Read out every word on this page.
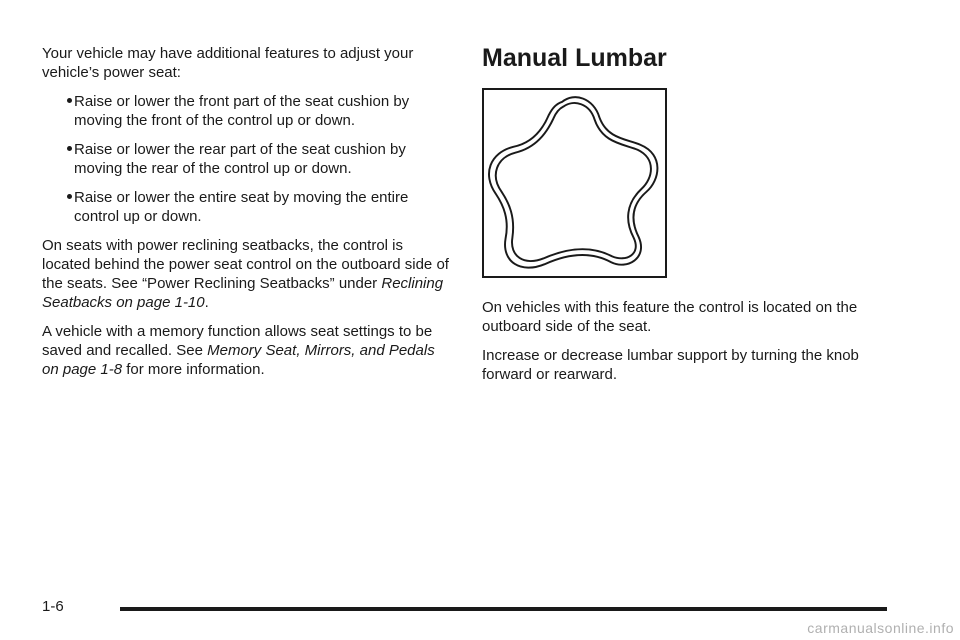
Your vehicle may have additional features to adjust your vehicle’s power seat:

Raise or lower the front part of the seat cushion by moving the front of the control up or down.
Raise or lower the rear part of the seat cushion by moving the rear of the control up or down.
Raise or lower the entire seat by moving the entire control up or down.

On seats with power reclining seatbacks, the control is located behind the power seat control on the outboard side of the seats. See “Power Reclining Seatbacks” under Reclining Seatbacks on page 1-10.

A vehicle with a memory function allows seat settings to be saved and recalled. See Memory Seat, Mirrors, and Pedals on page 1-8 for more information.

Manual Lumbar

On vehicles with this feature the control is located on the outboard side of the seat.

Increase or decrease lumbar support by turning the knob forward or rearward.

1-6
carmanualsonline.info
